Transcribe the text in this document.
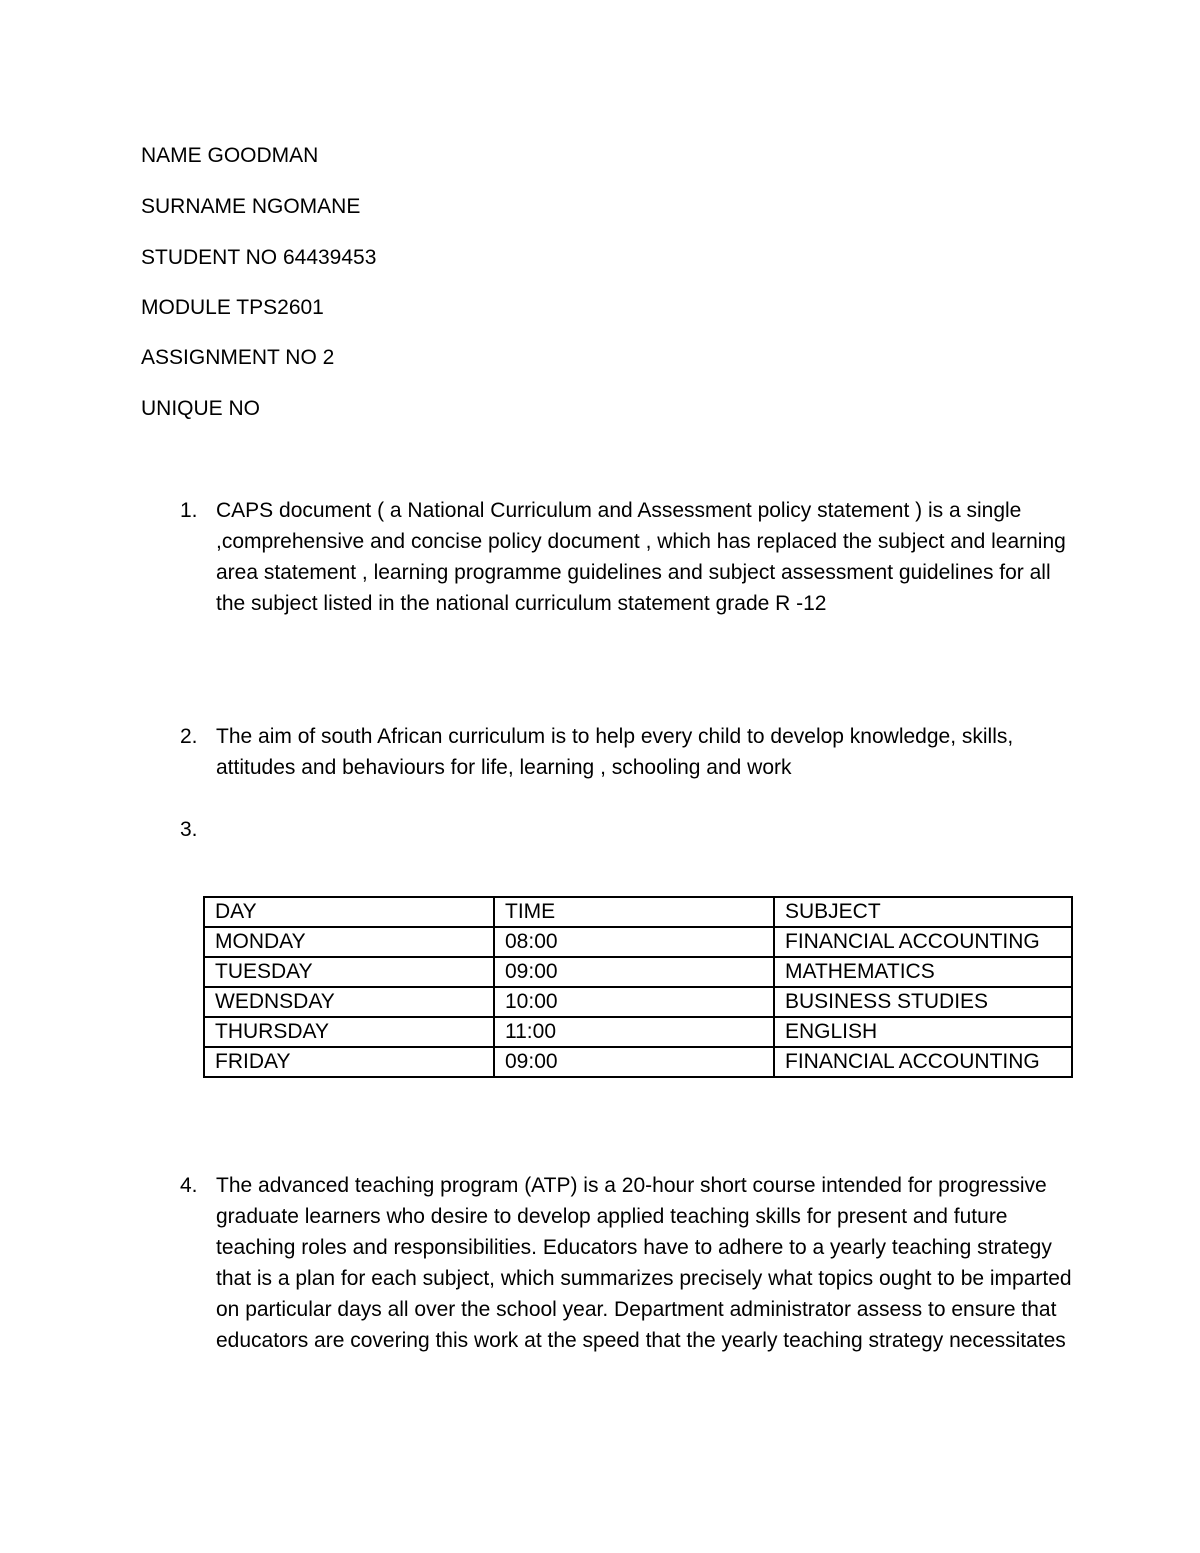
NAME GOODMAN

SURNAME NGOMANE

STUDENT NO 64439453

MODULE TPS2601

ASSIGNMENT NO 2

UNIQUE NO

1. CAPS document ( a National Curriculum and Assessment policy statement ) is a single ,comprehensive and concise policy document , which has replaced the subject and learning area statement , learning programme guidelines and subject assessment guidelines for all the subject listed in the national curriculum statement grade R -12

2. The aim of south African curriculum is to help every child to develop knowledge, skills, attitudes and behaviours for life, learning , schooling and work

3.

DAY	TIME	SUBJECT
MONDAY	08:00	FINANCIAL ACCOUNTING
TUESDAY	09:00	MATHEMATICS
WEDNSDAY	10:00	BUSINESS STUDIES
THURSDAY	11:00	ENGLISH
FRIDAY	09:00	FINANCIAL ACCOUNTING
4. The advanced teaching program (ATP) is a 20-hour short course intended for progressive graduate learners who desire to develop applied teaching skills for present and future teaching roles and responsibilities. Educators have to adhere to a yearly teaching strategy that is a plan for each subject, which summarizes precisely what topics ought to be imparted on particular days all over the school year. Department administrator assess to ensure that educators are covering this work at the speed that the yearly teaching strategy necessitates
